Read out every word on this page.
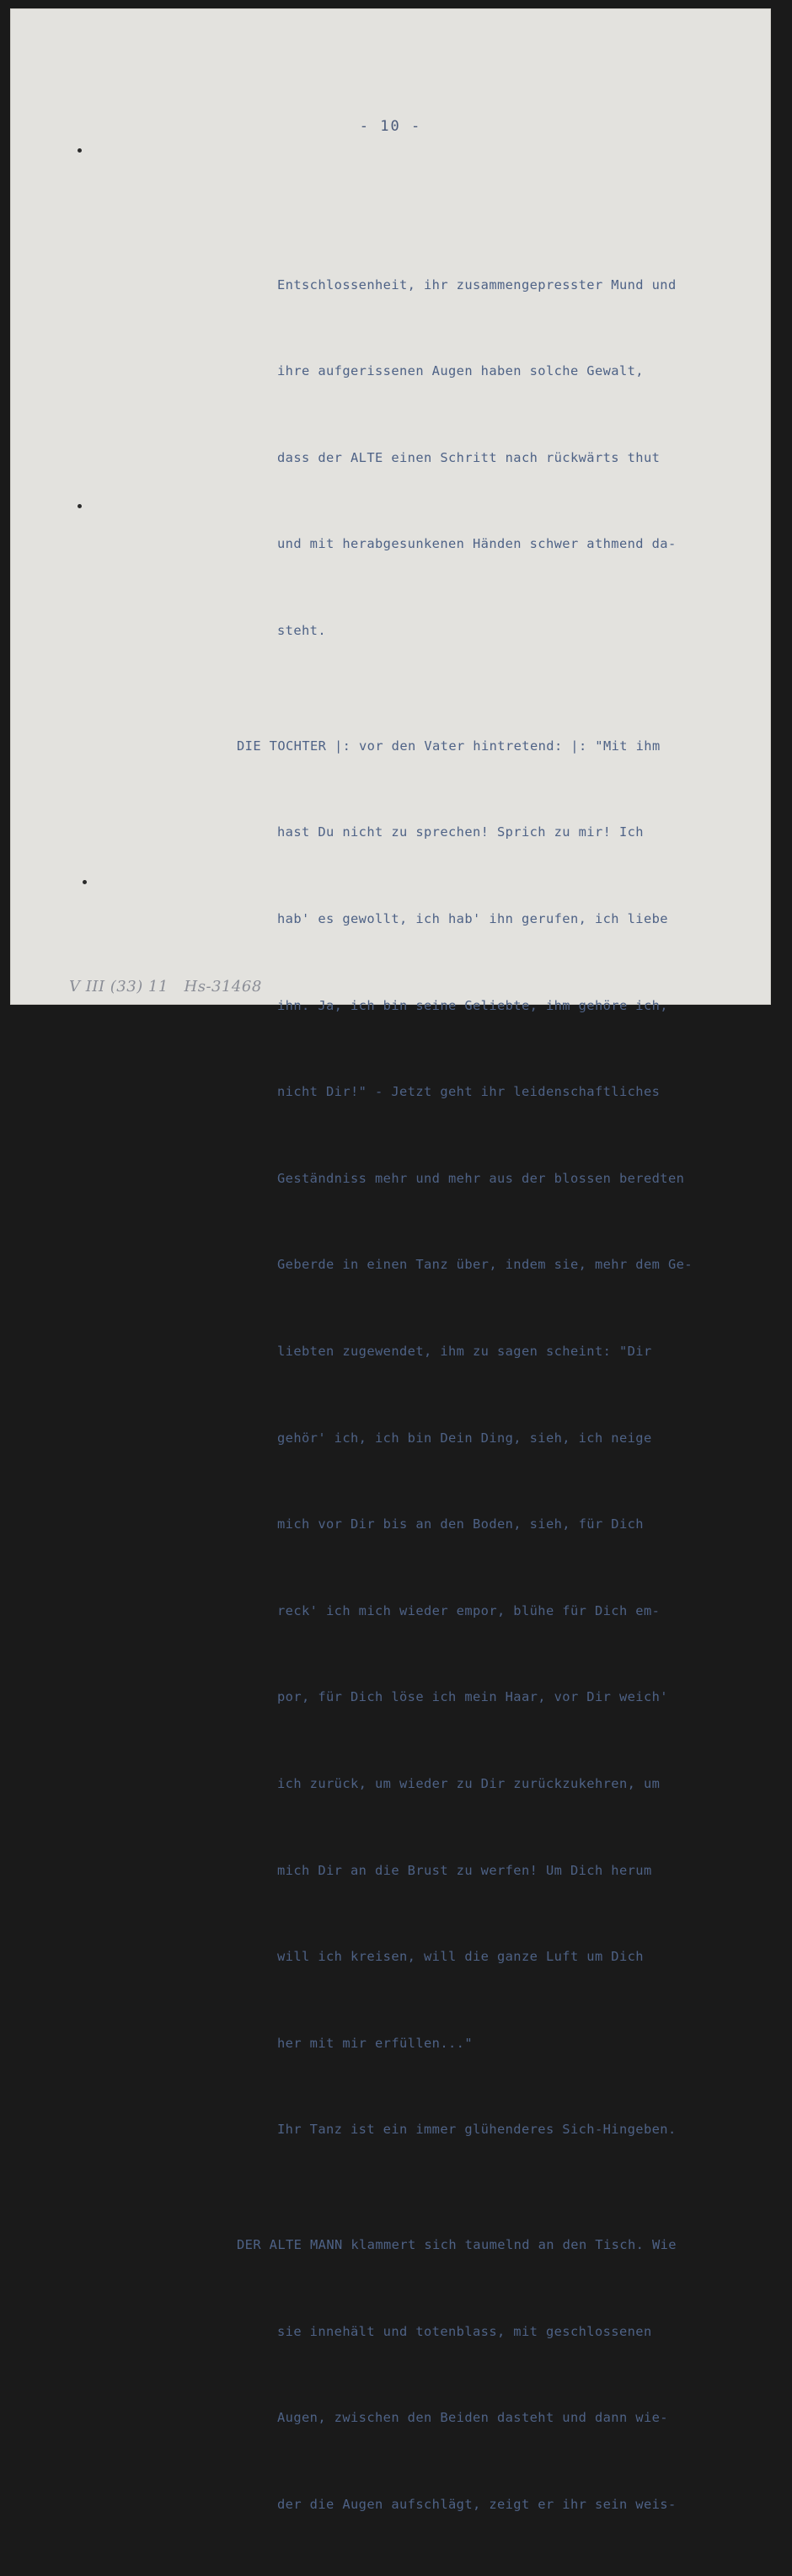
- 10 -

Entschlossenheit, ihr zusammengepresster Mund und

ihre aufgerissenen Augen haben solche Gewalt,

dass der ALTE einen Schritt nach rückwärts thut

und mit herabgesunkenen Händen schwer athmend da-

steht.

DIE TOCHTER |: vor den Vater hintretend: |: "Mit ihm

hast Du nicht zu sprechen! Sprich zu mir! Ich

hab' es gewollt, ich hab' ihn gerufen, ich liebe

ihn. Ja, ich bin seine Geliebte, ihm gehöre ich,

nicht Dir!" - Jetzt geht ihr leidenschaftliches

Geständniss mehr und mehr aus der blossen beredten

Geberde in einen Tanz über, indem sie, mehr dem Ge-

liebten zugewendet, ihm zu sagen scheint: "Dir

gehör' ich, ich bin Dein Ding, sieh, ich neige

mich vor Dir bis an den Boden, sieh, für Dich

reck' ich mich wieder empor, blühe für Dich em-

por, für Dich löse ich mein Haar, vor Dir weich'

ich zurück, um wieder zu Dir zurückzukehren, um

mich Dir an die Brust zu werfen! Um Dich herum

will ich kreisen, will die ganze Luft um Dich

her mit mir erfüllen..."

Ihr Tanz ist ein immer glühenderes Sich-Hingeben.

DER ALTE MANN klammert sich taumelnd an den Tisch. Wie

sie innehält und totenblass, mit geschlossenen

Augen, zwischen den Beiden dasteht und dann wie-

der die Augen aufschlägt, zeigt er ihr sein weis-

V III (33) 11   Hs-31468
